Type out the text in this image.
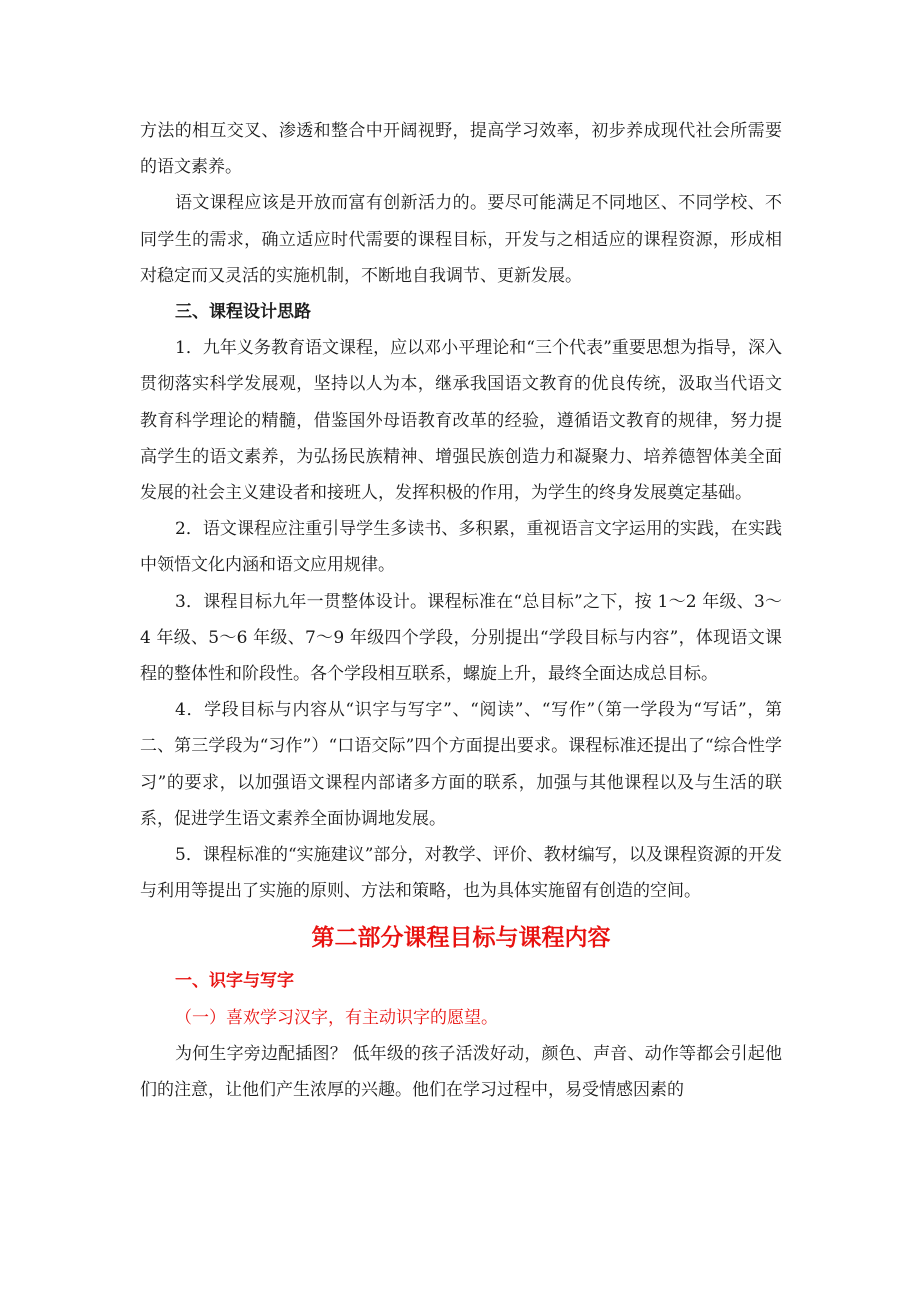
方法的相互交叉、渗透和整合中开阔视野，提高学习效率，初步养成现代社会所需要的语文素养。

语文课程应该是开放而富有创新活力的。要尽可能满足不同地区、不同学校、不同学生的需求，确立适应时代需要的课程目标，开发与之相适应的课程资源，形成相对稳定而又灵活的实施机制，不断地自我调节、更新发展。

三、课程设计思路

1．九年义务教育语文课程，应以邓小平理论和“三个代表”重要思想为指导，深入贯彻落实科学发展观，坚持以人为本，继承我国语文教育的优良传统，汲取当代语文教育科学理论的精髓，借鉴国外母语教育改革的经验，遵循语文教育的规律，努力提高学生的语文素养，为弘扬民族精神、增强民族创造力和凝聚力、培养德智体美全面发展的社会主义建设者和接班人，发挥积极的作用，为学生的终身发展奠定基础。

2．语文课程应注重引导学生多读书、多积累，重视语言文字运用的实践，在实践中领悟文化内涵和语文应用规律。

3．课程目标九年一贯整体设计。课程标准在“总目标”之下，按 1～2 年级、3～4 年级、5～6 年级、7～9 年级四个学段，分别提出“学段目标与内容”，体现语文课程的整体性和阶段性。各个学段相互联系，螺旋上升，最终全面达成总目标。

4．学段目标与内容从“识字与写字”、“阅读”、“写作”（第一学段为“写话”，第二、第三学段为“习作”）“口语交际”四个方面提出要求。课程标准还提出了“综合性学习”的要求，以加强语文课程内部诸多方面的联系，加强与其他课程以及与生活的联系，促进学生语文素养全面协调地发展。

5．课程标准的“实施建议”部分，对教学、评价、教材编写，以及课程资源的开发与利用等提出了实施的原则、方法和策略，也为具体实施留有创造的空间。

第二部分课程目标与课程内容

一、识字与写字

（一）喜欢学习汉字，有主动识字的愿望。

为何生字旁边配插图？ 低年级的孩子活泼好动，颜色、声音、动作等都会引起他们的注意，让他们产生浓厚的兴趣。他们在学习过程中，易受情感因素的
